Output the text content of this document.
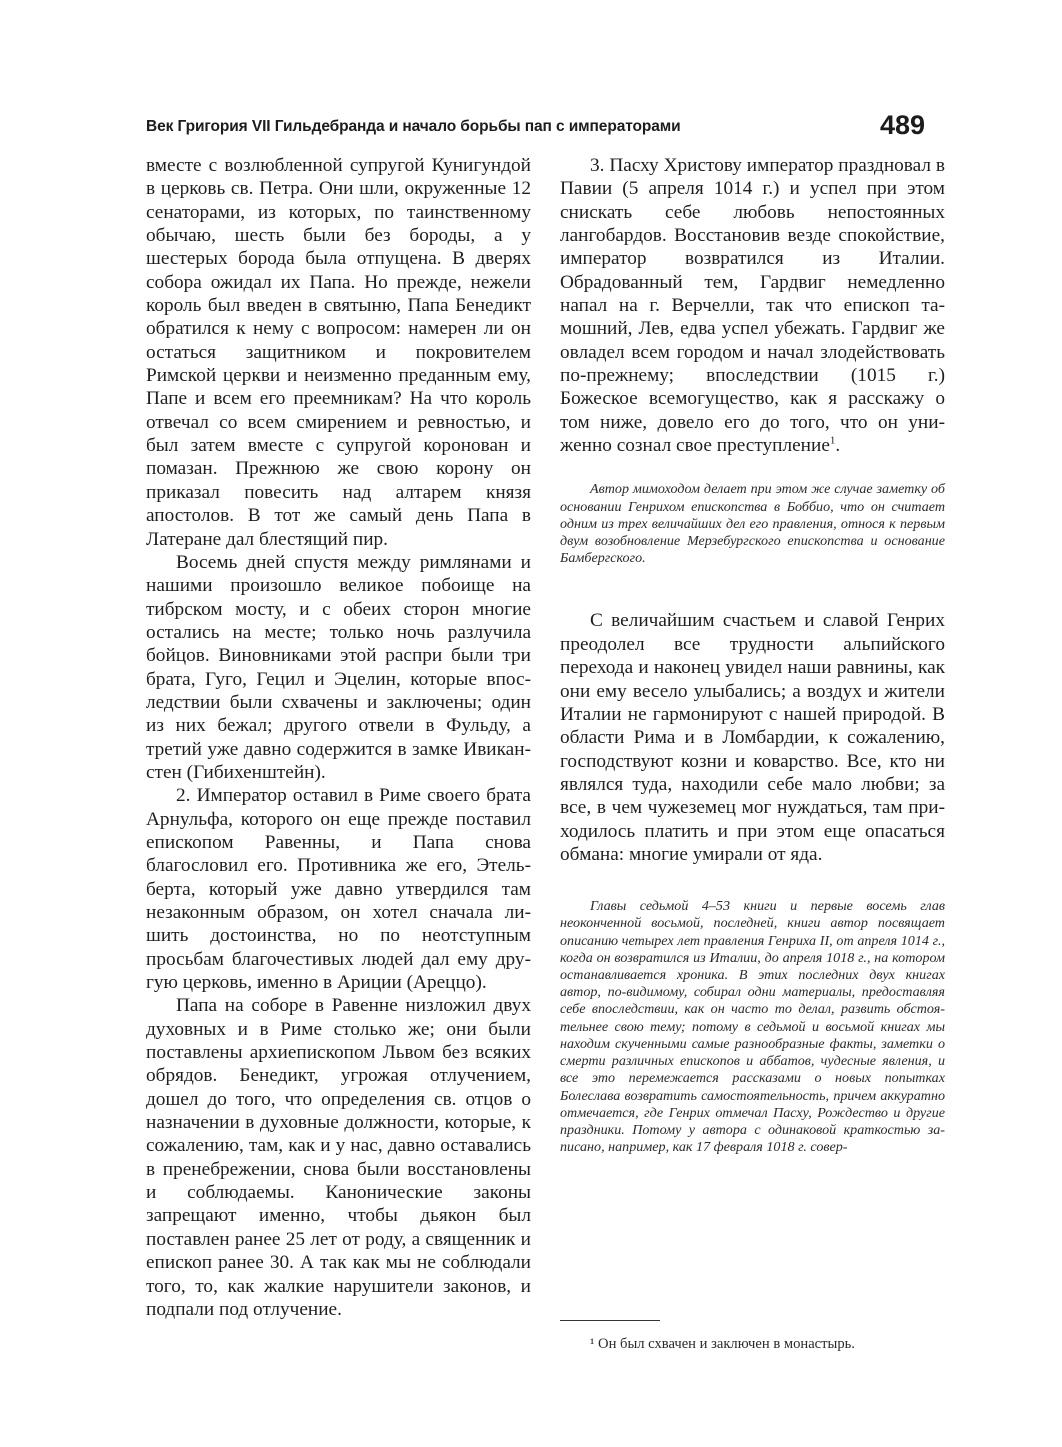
Век Григория VII Гильдебранда и начало борьбы пап с императорами	489

вместе с возлюбленной супругой Кунигундой в церковь св. Петра. Они шли, окруженные 12 сенаторами, из которых, по таинственному обычаю, шесть были без бороды, а у шестерых борода была отпущена. В дверях собора ожидал их Папа. Но прежде, нежели король был введен в святыню, Папа Бенедикт обратился к нему с вопросом: намерен ли он остаться защитником и покровителем Римской церкви и неизменно преданным ему, Папе и всем его преемникам? На что король отвечал со всем смирением и ревностью, и был затем вместе с супругой коронован и помазан. Прежнюю же свою корону он приказал повесить над алтарем князя апостолов. В тот же самый день Папа в Латеране дал блестящий пир.

Восемь дней спустя между римлянами и нашими произошло великое побоище на тибрском мосту, и с обеих сторон многие остались на месте; только ночь разлучила бойцов. Виновниками этой распри были три брата, Гуго, Гецил и Эцелин, которые впоследствии были схвачены и заключены; один из них бежал; другого отвели в Фульду, а третий уже давно содержится в замке Ивиканстен (Гибихенштейн).

2. Император оставил в Риме своего брата Арнульфа, которого он еще прежде поставил епископом Равенны, и Папа снова благословил его. Противника же его, Этельберта, который уже давно утвердился там незаконным образом, он хотел сначала лишить достоинства, но по неотступным просьбам благочестивых людей дал ему другую церковь, именно в Ариции (Ареццо).

Папа на соборе в Равенне низложил двух духовных и в Риме столько же; они были поставлены архиепископом Львом без всяких обрядов. Бенедикт, угрожая отлучением, дошел до того, что определения св. отцов о назначении в духовные должности, которые, к сожалению, там, как и у нас, давно оставались в пренебрежении, снова были восстановлены и соблюдаемы. Канонические законы запрещают именно, чтобы дьякон был поставлен ранее 25 лет от роду, а священник и епископ ранее 30. А так как мы не соблюдали того, то, как жалкие нарушители законов, и подпали под отлучение.

3. Пасху Христову император праздновал в Павии (5 апреля 1014 г.) и успел при этом снискать себе любовь непостоянных лангобардов. Восстановив везде спокойствие, император возвратился из Италии. Обрадованный тем, Гардвиг немедленно напал на г. Верчелли, так что епископ тамошний, Лев, едва успел убежать. Гардвиг же овладел всем городом и начал злодействовать по-прежнему; впоследствии (1015 г.) Божеское всемогущество, как я расскажу о том ниже, довело его до того, что он униженно сознал свое преступление$^1$.

Автор мимоходом делает при этом же случае заметку об основании Генрихом епископства в Боббио, что он считает одним из трех величайших дел его правления, относя к первым двум возобновление Мерзебургского епископства и основание Бамбергского.

С величайшим счастьем и славой Генрих преодолел все трудности альпийского перехода и наконец увидел наши равнины, как они ему весело улыбались; а воздух и жители Италии не гармонируют с нашей природой. В области Рима и в Ломбардии, к сожалению, господствуют козни и коварство. Все, кто ни являлся туда, находили себе мало любви; за все, в чем чужеземец мог нуждаться, там приходилось платить и при этом еще опасаться обмана: многие умирали от яда.

Главы седьмой 4–53 книги и первые восемь глав неоконченной восьмой, последней, книги автор посвящает описанию четырех лет правления Генриха II, от апреля 1014 г., когда он возвратился из Италии, до апреля 1018 г., на котором останавливается хроника. В этих последних двух книгах автор, по-видимому, собирал одни материалы, предоставляя себе впоследствии, как он часто то делал, развить обстоятельнее свою тему; потому в седьмой и восьмой книгах мы находим скученными самые разнообразные факты, заметки о смерти различных епископов и аббатов, чудесные явления, и все это перемежается рассказами о новых попытках Болеслава возвратить самостоятельность, причем аккуратно отмечается, где Генрих отмечал Пасху, Рождество и другие праздники. Потому у автора с одинаковой краткостью записано, например, как 17 февраля 1018 г. совер-

¹ Он был схвачен и заключен в монастырь.
